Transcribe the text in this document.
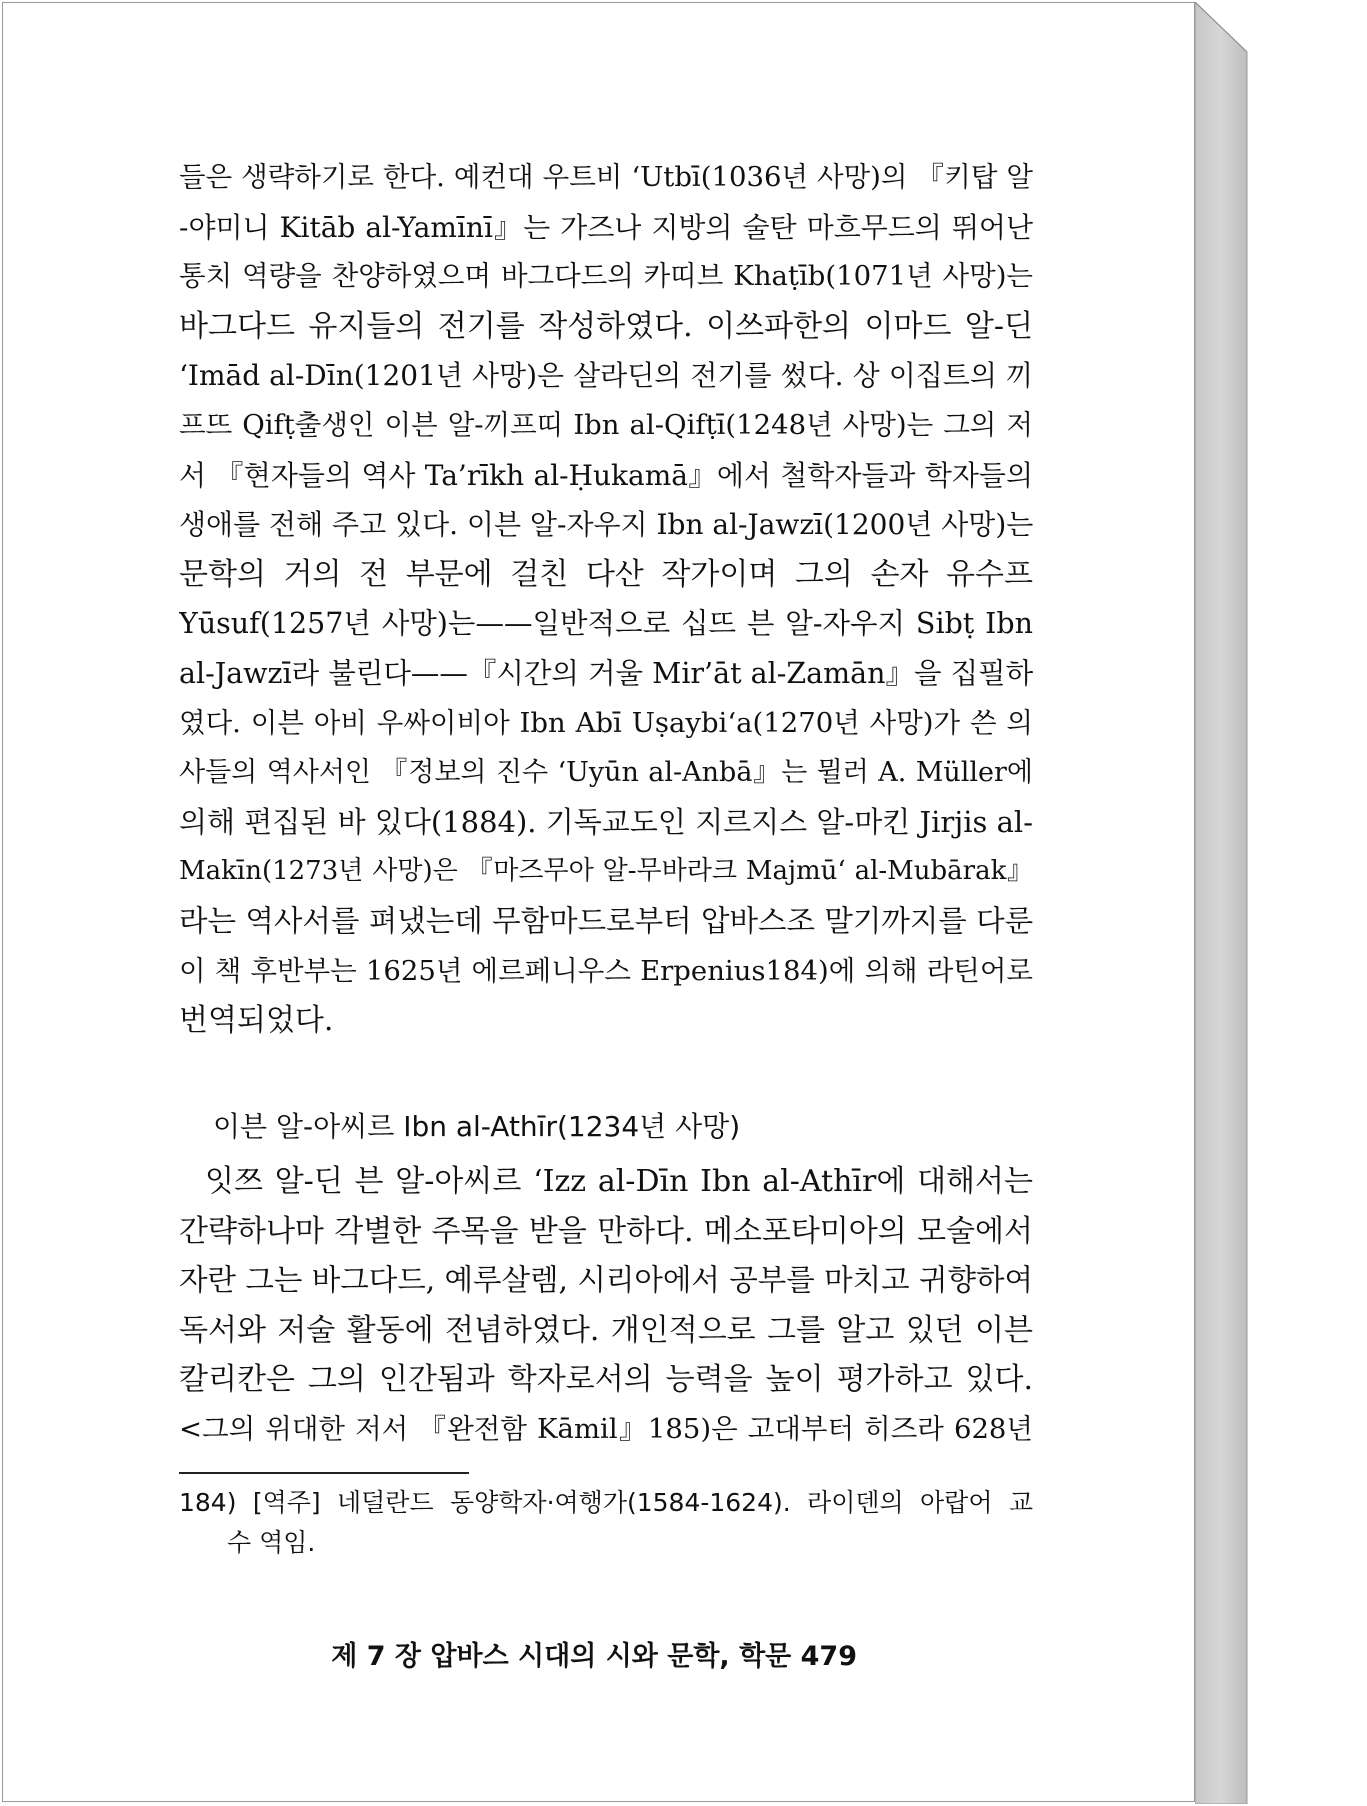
들은 생략하기로 한다. 예컨대 우트비 ‘Utbī(1036년 사망)의 『키탑 알
-야미니 Kitāb al-Yamīnī』는 가즈나 지방의 술탄 마흐무드의 뛰어난
통치 역량을 찬양하였으며 바그다드의 카띠브 Khaṭīb(1071년 사망)는
바그다드 유지들의 전기를 작성하였다. 이쓰파한의 이마드 알-딘
‘Imād al-Dīn(1201년 사망)은 살라딘의 전기를 썼다. 상 이집트의 끼
프뜨 Qifṭ출생인 이븐 알-끼프띠 Ibn al-Qifṭī(1248년 사망)는 그의 저
서 『현자들의 역사 Ta’rīkh al-Ḥukamā』에서 철학자들과 학자들의
생애를 전해 주고 있다. 이븐 알-자우지 Ibn al-Jawzī(1200년 사망)는
문학의 거의 전 부문에 걸친 다산 작가이며 그의 손자 유수프
Yūsuf(1257년 사망)는——일반적으로 십뜨 븐 알-자우지 Sibṭ Ibn
al-Jawzī라 불린다——『시간의 거울 Mir’āt al-Zamān』을 집필하
였다. 이븐 아비 우싸이비아 Ibn Abī Uṣaybi‘a(1270년 사망)가 쓴 의
사들의 역사서인 『정보의 진수 ‘Uyūn al-Anbā』는 뮐러 A. Müller에
의해 편집된 바 있다(1884). 기독교도인 지르지스 알-마킨 Jirjis al-
Makīn(1273년 사망)은 『마즈무아 알-무바라크 Majmū‘ al-Mubārak』
라는 역사서를 펴냈는데 무함마드로부터 압바스조 말기까지를 다룬
이 책 후반부는 1625년 에르페니우스 Erpenius184)에 의해 라틴어로
번역되었다.
이븐 알-아씨르 Ibn al-Athīr(1234년 사망)
잇쯔 알-딘 븐 알-아씨르 ‘Izz al-Dīn Ibn al-Athīr에 대해서는
간략하나마 각별한 주목을 받을 만하다. 메소포타미아의 모술에서
자란 그는 바그다드, 예루살렘, 시리아에서 공부를 마치고 귀향하여
독서와 저술 활동에 전념하였다. 개인적으로 그를 알고 있던 이븐
칼리칸은 그의 인간됨과 학자로서의 능력을 높이 평가하고 있다.
<그의 위대한 저서 『완전함 Kāmil』185)은 고대부터 히즈라 628년
184) [역주] 네덜란드 동양학자·여행가(1584-1624). 라이덴의 아랍어 교
수 역임.
제 7 장 압바스 시대의 시와 문학, 학문 479
